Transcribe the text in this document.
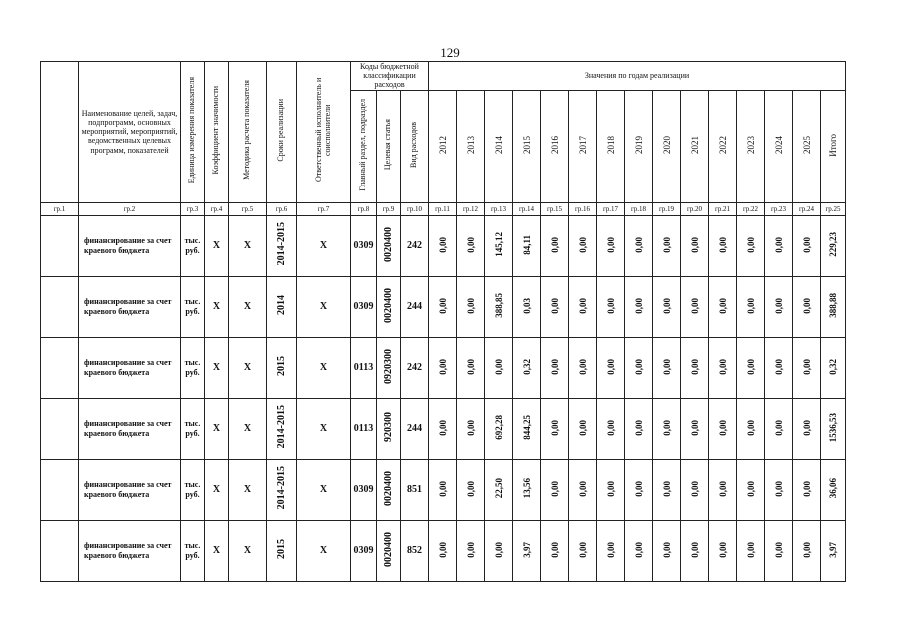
129
	Наименование целей, задач, подпрограмм, основных мероприятий, мероприятий, ведомственных целевых программ, показателей	Единица измерения показателя	Коэффициент значимости	Методика расчета показателя	Сроки реализации	Ответственный исполнитель и соисполнители	Коды бюджетной классификации расходов			Значения по годам реализации														
							Главный раздел, подраздел	Целевая статья	Вид расходов	2012	2013	2014	2015	2016	2017	2018	2019	2020	2021	2022	2023	2024	2025	Итого
гр.1	гр.2	гр.3	гр.4	гр.5	гр.6	гр.7	гр.8	гр.9	гр.10	гр.11	гр.12	гр.13	гр.14	гр.15	гр.16	гр.17	гр.18	гр.19	гр.20	гр.21	гр.22	гр.23	гр.24	гр.25
	финансирование за счет краевого бюджета	тыс. руб.	Х	Х	2014-2015	Х	0309	0020400	242	0,00	0,00	145,12	84,11	0,00	0,00	0,00	0,00	0,00	0,00	0,00	0,00	0,00	0,00	229,23
	финансирование за счет краевого бюджета	тыс. руб.	Х	Х	2014	Х	0309	0020400	244	0,00	0,00	388,85	0,03	0,00	0,00	0,00	0,00	0,00	0,00	0,00	0,00	0,00	0,00	388,88
	финансирование за счет краевого бюджета	тыс. руб.	Х	Х	2015	Х	0113	0920300	242	0,00	0,00	0,00	0,32	0,00	0,00	0,00	0,00	0,00	0,00	0,00	0,00	0,00	0,00	0,32
	финансирование за счет краевого бюджета	тыс. руб.	Х	Х	2014-2015	Х	0113	920300	244	0,00	0,00	692,28	844,25	0,00	0,00	0,00	0,00	0,00	0,00	0,00	0,00	0,00	0,00	1536,53
	финансирование за счет краевого бюджета	тыс. руб.	Х	Х	2014-2015	Х	0309	0020400	851	0,00	0,00	22,50	13,56	0,00	0,00	0,00	0,00	0,00	0,00	0,00	0,00	0,00	0,00	36,06
	финансирование за счет краевого бюджета	тыс. руб.	Х	Х	2015	Х	0309	0020400	852	0,00	0,00	0,00	3,97	0,00	0,00	0,00	0,00	0,00	0,00	0,00	0,00	0,00	0,00	3,97
